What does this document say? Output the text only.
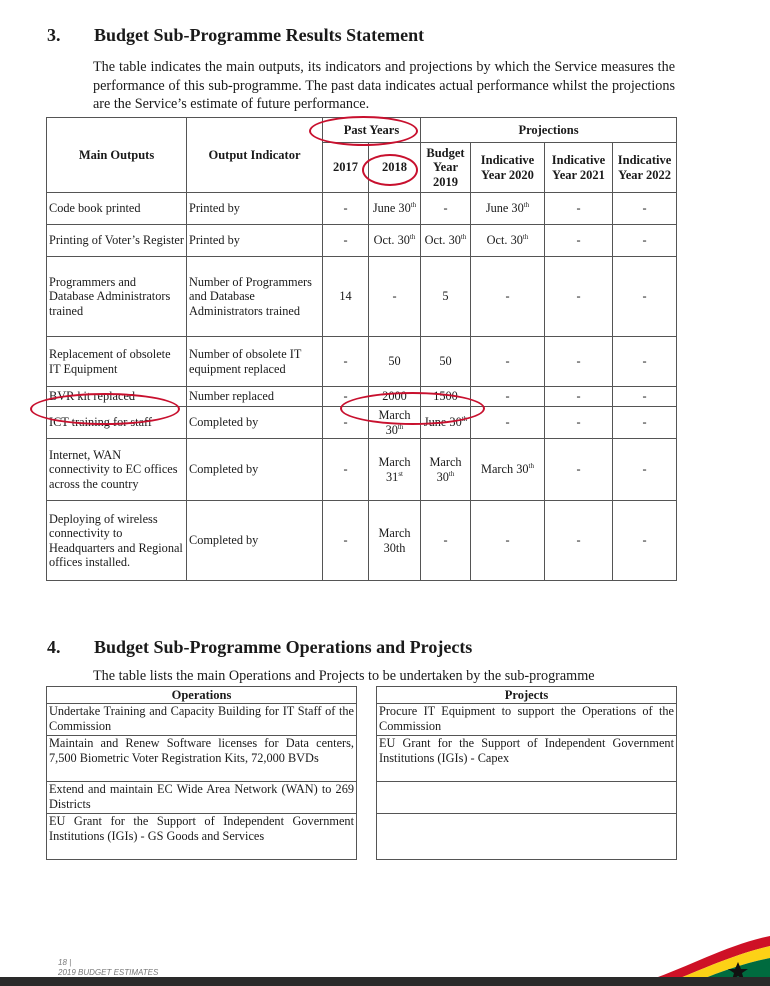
3. Budget Sub-Programme Results Statement
The table indicates the main outputs, its indicators and projections by which the Service measures the performance of this sub-programme. The past data indicates actual performance whilst the projections are the Service’s estimate of future performance.
Main Outputs	Output Indicator	Past Years		Projections			
		2017	2018	Budget Year 2019	Indicative Year 2020	Indicative Year 2021	Indicative Year 2022
Code book printed	Printed by	-	June 30th	-	June 30th	-	-
Printing of Voter’s Register	Printed by	-	Oct. 30th	Oct. 30th	Oct. 30th	-	-
Programmers and Database Administrators trained	Number of Programmers and Database Administrators trained	14	-	5	-	-	-
Replacement of obsolete IT Equipment	Number of obsolete IT equipment replaced	-	50	50	-	-	-
BVR kit replaced	Number replaced	-	2000	1500	-	-	-
ICT training for staff	Completed by	-	March 30th	June 30th	-	-	-
Internet, WAN connectivity to EC offices across the country	Completed by	-	March 31st	March 30th	March 30th	-	-
Deploying of wireless connectivity to Headquarters and Regional offices installed.	Completed by	-	March 30th	-	-	-	-
4. Budget Sub-Programme Operations and Projects
The table lists the main Operations and Projects to be undertaken by the sub-programme
Operations		Projects
Undertake Training and Capacity Building for IT Staff of the Commission		Procure IT Equipment to support the Operations of the Commission
Maintain and Renew Software licenses for Data centers, 7,500 Biometric Voter Registration Kits, 72,000 BVDs		EU Grant for the Support of Independent Government Institutions (IGIs) - Capex
Extend and maintain EC Wide Area Network (WAN) to 269 Districts		
EU Grant for the Support of Independent Government Institutions (IGIs) - GS Goods and Services		
18 |
2019 BUDGET ESTIMATES
